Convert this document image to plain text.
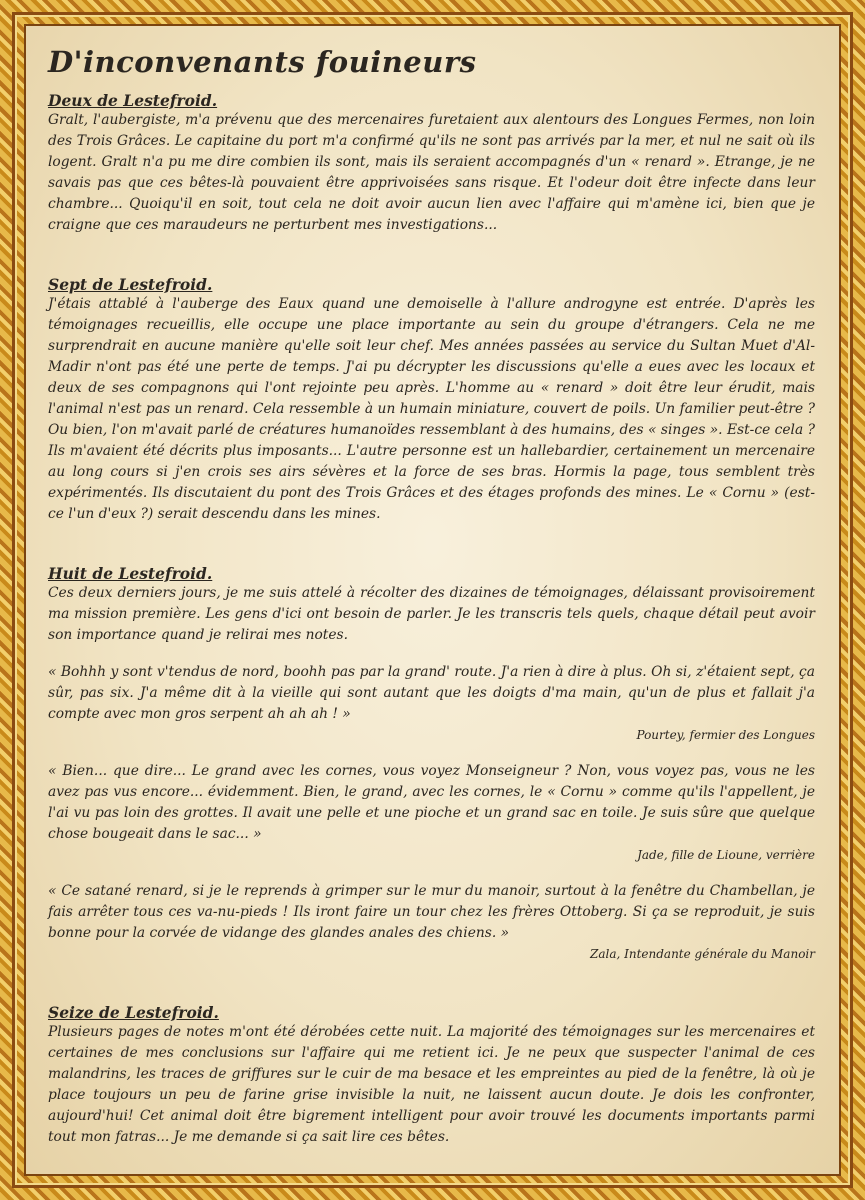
D'inconvenants fouineurs
Deux de Lestefroid.

Gralt, l'aubergiste, m'a prévenu que des mercenaires furetaient aux alentours des Longues Fermes, non loin des Trois Grâces. Le capitaine du port m'a confirmé qu'ils ne sont pas arrivés par la mer, et nul ne sait où ils logent. Gralt n'a pu me dire combien ils sont, mais ils seraient accompagnés d'un « renard ». Etrange, je ne savais pas que ces bêtes-là pouvaient être apprivoisées sans risque. Et l'odeur doit être infecte dans leur chambre... Quoiqu'il en soit, tout cela ne doit avoir aucun lien avec l'affaire qui m'amène ici, bien que je craigne que ces maraudeurs ne perturbent mes investigations...

Sept de Lestefroid.

J'étais attablé à l'auberge des Eaux quand une demoiselle à l'allure androgyne est entrée. D'après les témoignages recueillis, elle occupe une place importante au sein du groupe d'étrangers. Cela ne me surprendrait en aucune manière qu'elle soit leur chef. Mes années passées au service du Sultan Muet d'Al-Madir n'ont pas été une perte de temps. J'ai pu décrypter les discussions qu'elle a eues avec les locaux et deux de ses compagnons qui l'ont rejointe peu après. L'homme au « renard » doit être leur érudit, mais l'animal n'est pas un renard. Cela ressemble à un humain miniature, couvert de poils. Un familier peut-être ? Ou bien, l'on m'avait parlé de créatures humanoïdes ressemblant à des humains, des « singes ». Est-ce cela ? Ils m'avaient été décrits plus imposants... L'autre personne est un hallebardier, certainement un mercenaire au long cours si j'en crois ses airs sévères et la force de ses bras. Hormis la page, tous semblent très expérimentés. Ils discutaient du pont des Trois Grâces et des étages profonds des mines. Le « Cornu » (est-ce l'un d'eux ?) serait descendu dans les mines.

Huit de Lestefroid.

Ces deux derniers jours, je me suis attelé à récolter des dizaines de témoignages, délaissant provisoirement ma mission première. Les gens d'ici ont besoin de parler. Je les transcris tels quels, chaque détail peut avoir son importance quand je relirai mes notes.

« Bohhh y sont v'tendus de nord, boohh pas par la grand' route. J'a rien à dire à plus. Oh si, z'étaient sept, ça sûr, pas six. J'a même dit à la vieille qui sont autant que les doigts d'ma main, qu'un de plus et fallait j'a compte avec mon gros serpent ah ah ah ! »
Pourtey, fermier des Longues
« Bien... que dire... Le grand avec les cornes, vous voyez Monseigneur ? Non, vous voyez pas, vous ne les avez pas vus encore... évidemment. Bien, le grand, avec les cornes, le « Cornu » comme qu'ils l'appellent, je l'ai vu pas loin des grottes. Il avait une pelle et une pioche et un grand sac en toile. Je suis sûre que quelque chose bougeait dans le sac... »
Jade, fille de Lioune, verrière
« Ce satané renard, si je le reprends à grimper sur le mur du manoir, surtout à la fenêtre du Chambellan, je fais arrêter tous ces va-nu-pieds ! Ils iront faire un tour chez les frères Ottoberg. Si ça se reproduit, je suis bonne pour la corvée de vidange des glandes anales des chiens. »
Zala, Intendante générale du Manoir
Seize de Lestefroid.

Plusieurs pages de notes m'ont été dérobées cette nuit. La majorité des témoignages sur les mercenaires et certaines de mes conclusions sur l'affaire qui me retient ici. Je ne peux que suspecter l'animal de ces malandrins, les traces de griffures sur le cuir de ma besace et les empreintes au pied de la fenêtre, là où je place toujours un peu de farine grise invisible la nuit, ne laissent aucun doute. Je dois les confronter, aujourd'hui! Cet animal doit être bigrement intelligent pour avoir trouvé les documents importants parmi tout mon fatras... Je me demande si ça sait lire ces bêtes.
